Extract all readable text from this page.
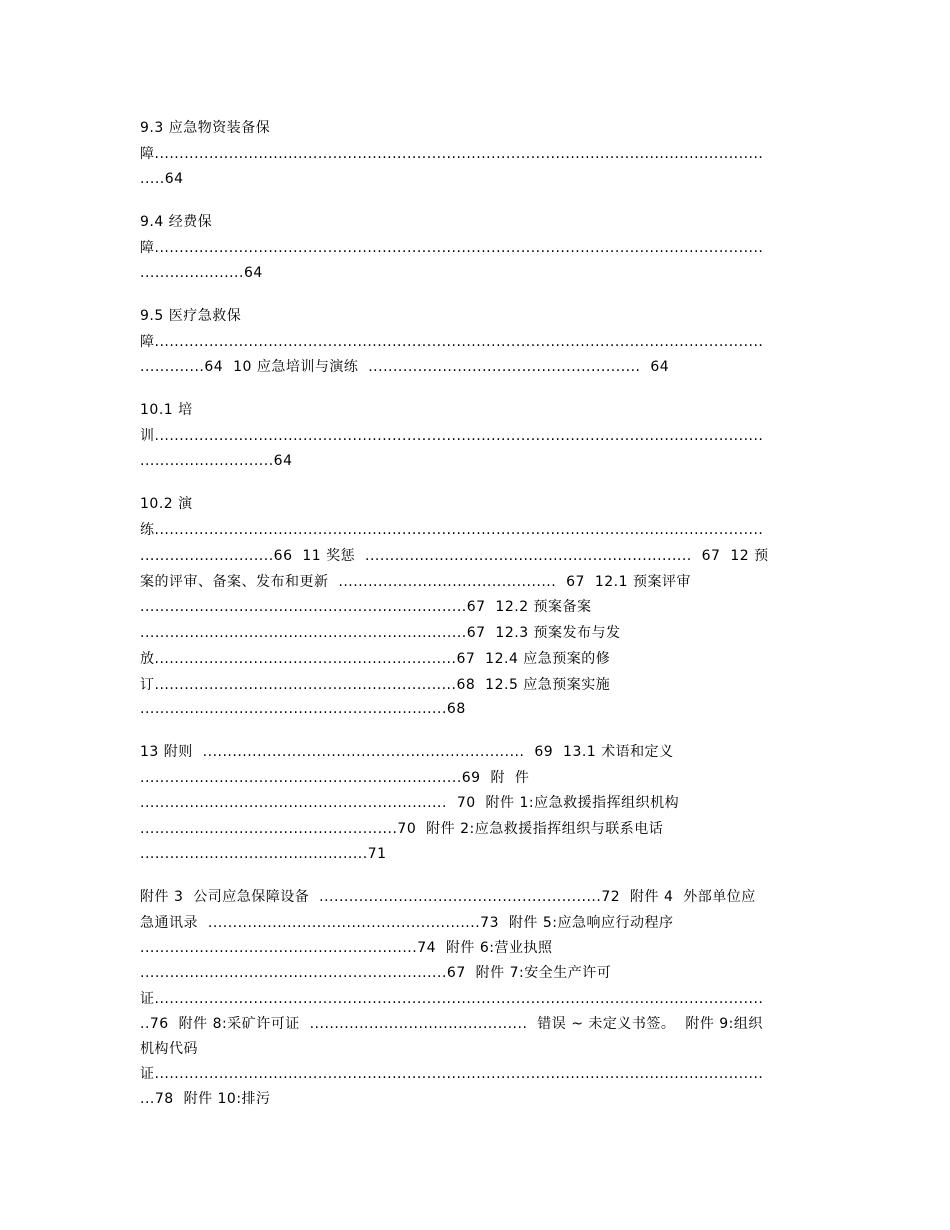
9.3 应急物资装备保
障...........................................................................................................................
.....64
9.4 经费保
障...........................................................................................................................
.....................64
9.5 医疗急救保
障...........................................................................................................................
.............64  10 应急培训与演练  .......................................................  64
10.1 培
训...........................................................................................................................
...........................64
10.2 演
练...........................................................................................................................
...........................66  11 奖惩  ..................................................................  67  12 预
案的评审、备案、发布和更新  ............................................  67  12.1 预案评审
..................................................................67  12.2 预案备案
..................................................................67  12.3 预案发布与发
放.............................................................67  12.4 应急预案的修
订.............................................................68  12.5 应急预案实施
..............................................................68
13 附则  .................................................................  69  13.1 术语和定义
.................................................................69  附  件
..............................................................  70  附件 1:应急救援指挥组织机构
....................................................70  附件 2:应急救援指挥组织与联系电话
..............................................71
附件 3  公司应急保障设备  .........................................................72  附件 4  外部单位应
急通讯录  .......................................................73  附件 5:应急响应行动程序
........................................................74  附件 6:营业执照
..............................................................67  附件 7:安全生产许可
证...........................................................................................................................
..76  附件 8:采矿许可证  ............................................  错误 ~ 未定义书签。  附件 9:组织
机构代码
证...........................................................................................................................
...78  附件 10:排污
